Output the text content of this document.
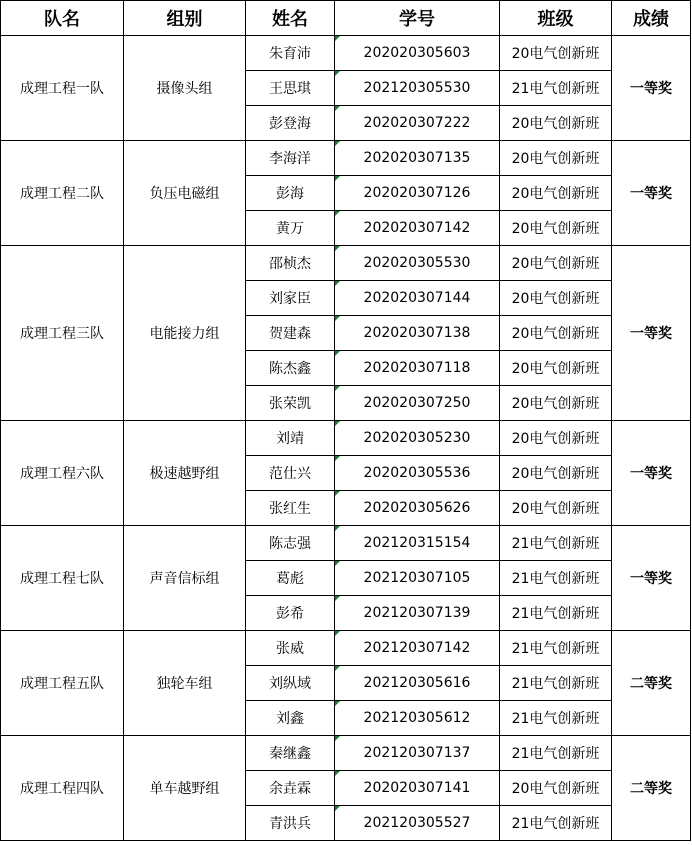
队名	组别	姓名	学号	班级	成绩
成理工程一队	摄像头组	朱育沛	202020305603	20电气创新班	一等奖
		王思琪	202120305530	21电气创新班	
		彭登海	202020307222	20电气创新班	
成理工程二队	负压电磁组	李海洋	202020307135	20电气创新班	一等奖
		彭海	202020307126	20电气创新班	
		黄万	202020307142	20电气创新班	
成理工程三队	电能接力组	邵桢杰	202020305530	20电气创新班	一等奖
		刘家臣	202020307144	20电气创新班	
		贺建森	202020307138	20电气创新班	
		陈杰鑫	202020307118	20电气创新班	
		张荣凯	202020307250	20电气创新班	
成理工程六队	极速越野组	刘靖	202020305230	20电气创新班	一等奖
		范仕兴	202020305536	20电气创新班	
		张红生	202020305626	20电气创新班	
成理工程七队	声音信标组	陈志强	202120315154	21电气创新班	一等奖
		葛彪	202120307105	21电气创新班	
		彭希	202120307139	21电气创新班	
成理工程五队	独轮车组	张威	202120307142	21电气创新班	二等奖
		刘纵域	202120305616	21电气创新班	
		刘鑫	202120305612	21电气创新班	
成理工程四队	单车越野组	秦继鑫	202120307137	21电气创新班	二等奖
		余垚霖	202020307141	20电气创新班	
		青洪兵	202120305527	21电气创新班	
